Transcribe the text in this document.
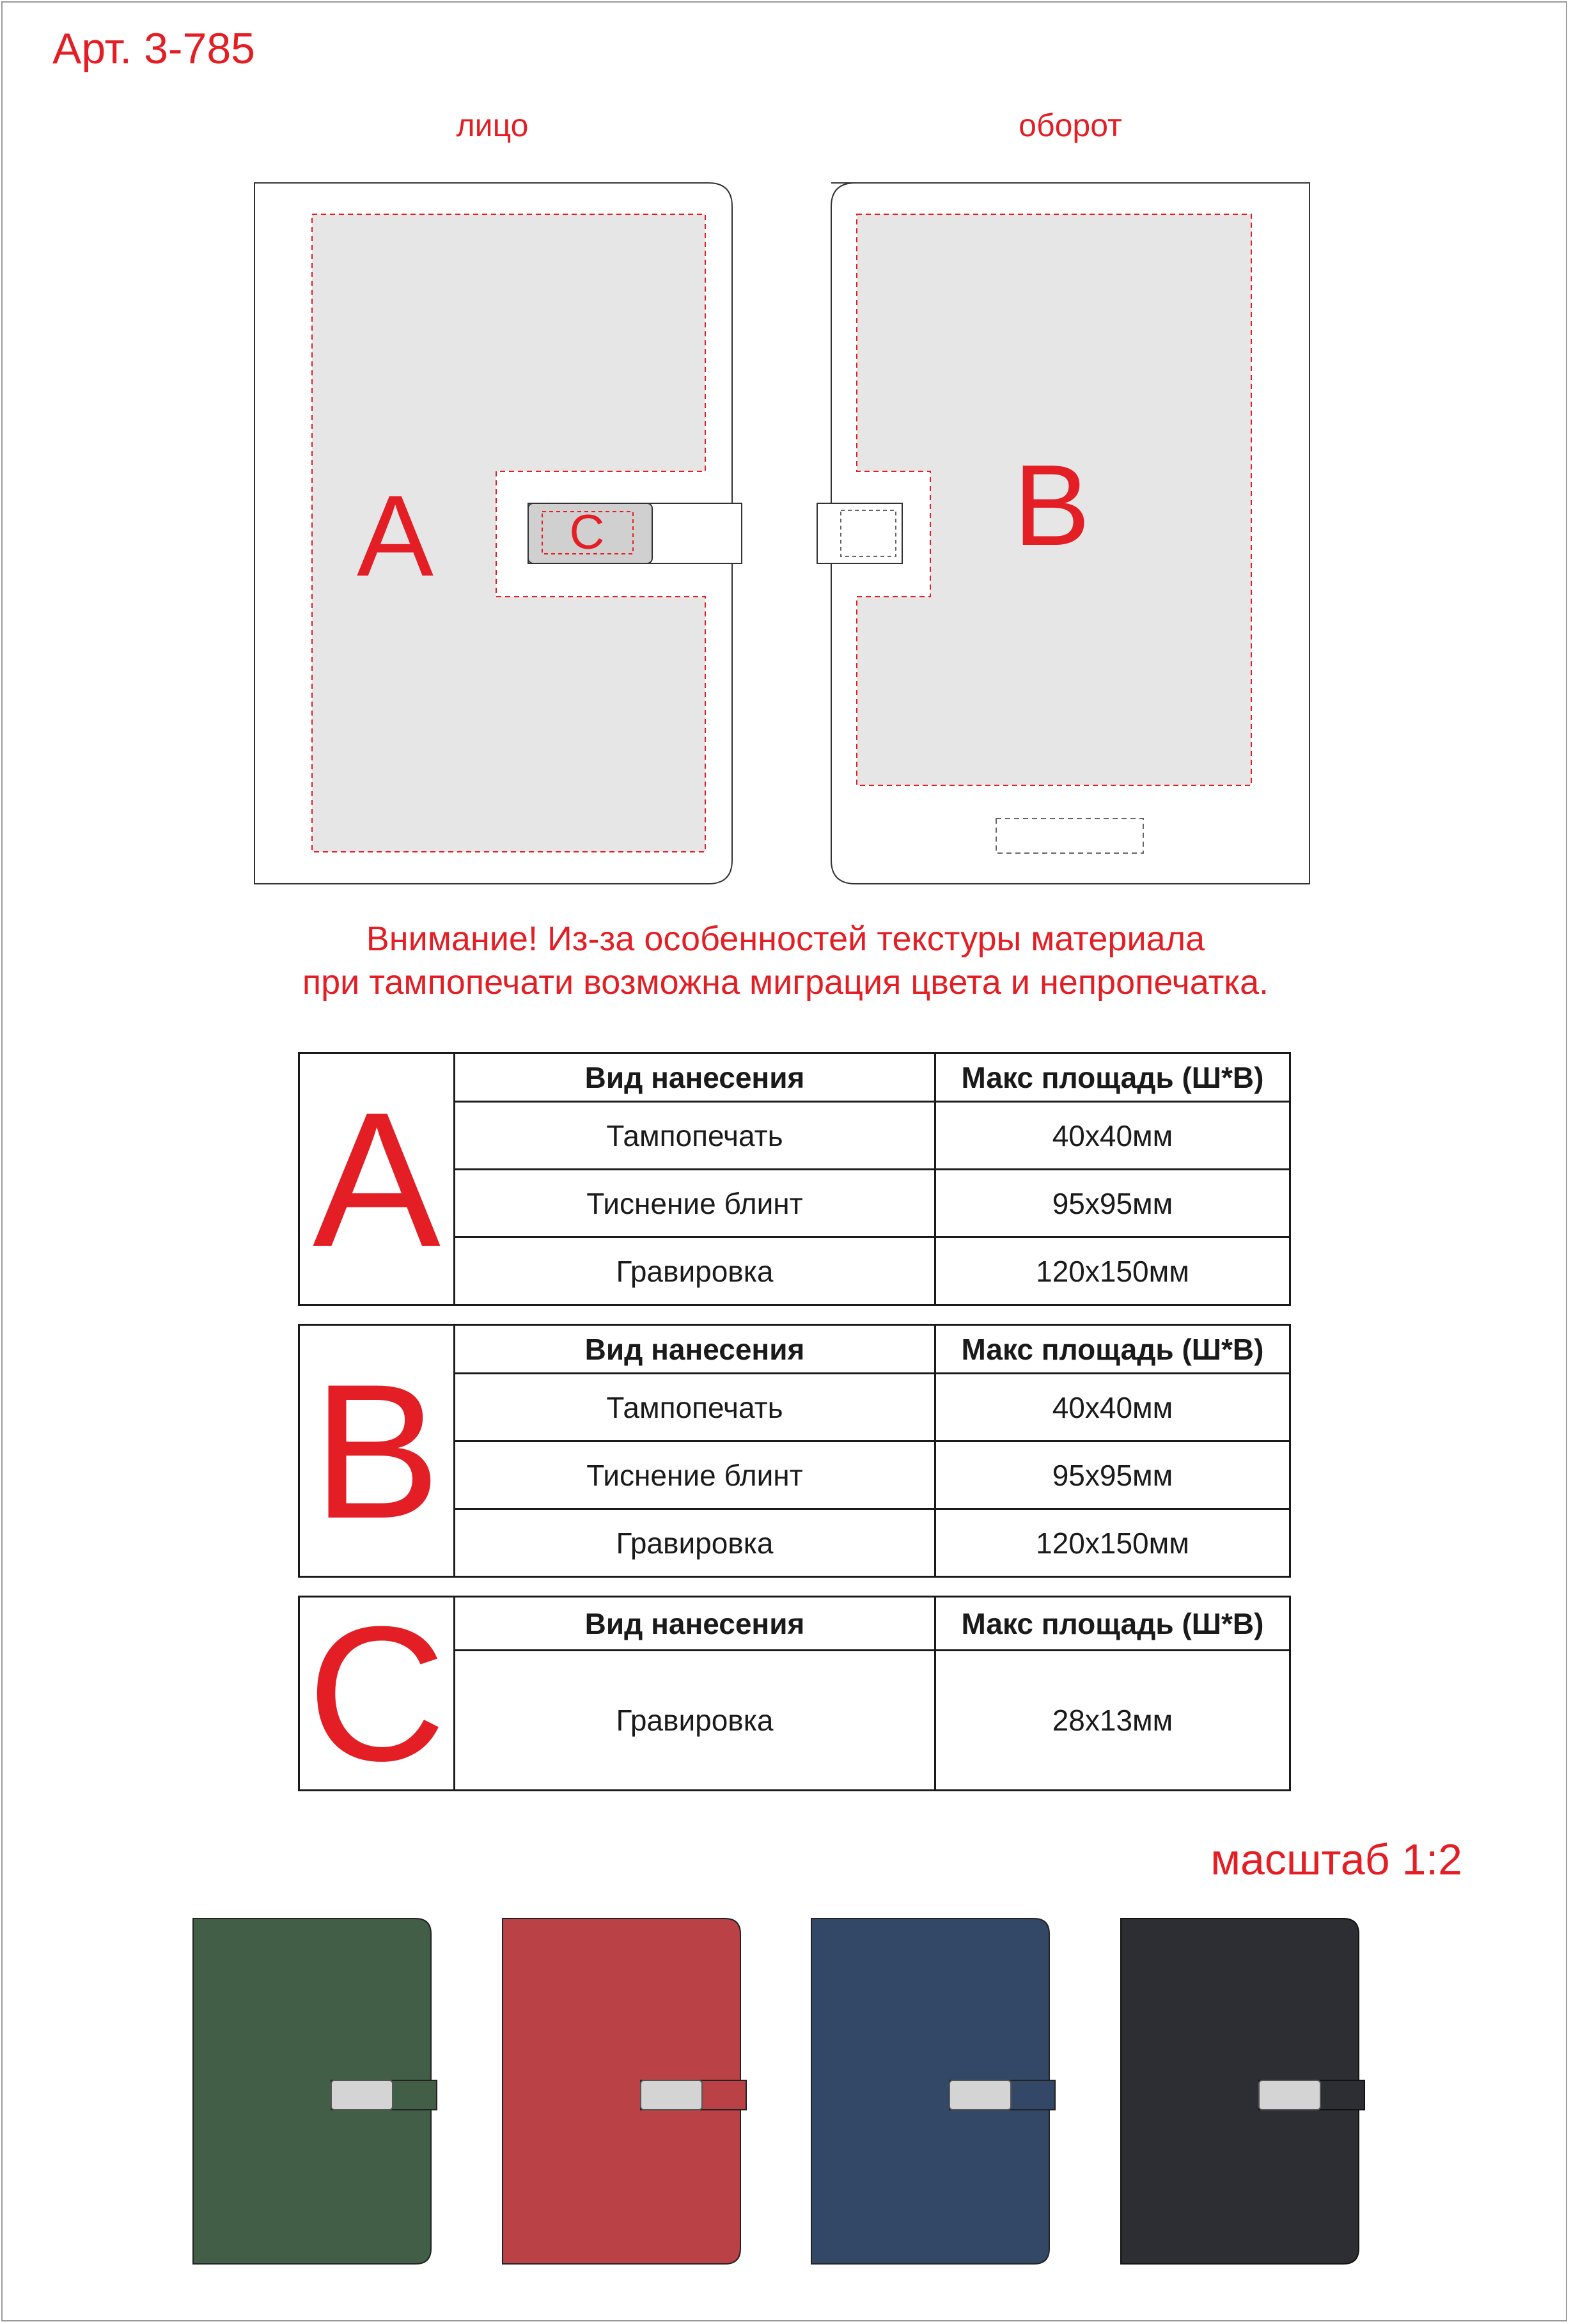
Арт. 3-785
лицо	оборот
A	B
C
Внимание! Из-за особенностей текстуры материала
при тампопечати возможна миграция цвета и непропечатка.
A	Вид нанесения	Макс площадь (Ш*В)
	Тампопечать	40х40мм
	Тиснение блинт	95х95мм
	Гравировка	120х150мм
B	Вид нанесения	Макс площадь (Ш*В)
	Тампопечать	40х40мм
	Тиснение блинт	95х95мм
	Гравировка	120х150мм
C	Вид нанесения	Макс площадь (Ш*В)
	Гравировка	28х13мм
масштаб 1:2
